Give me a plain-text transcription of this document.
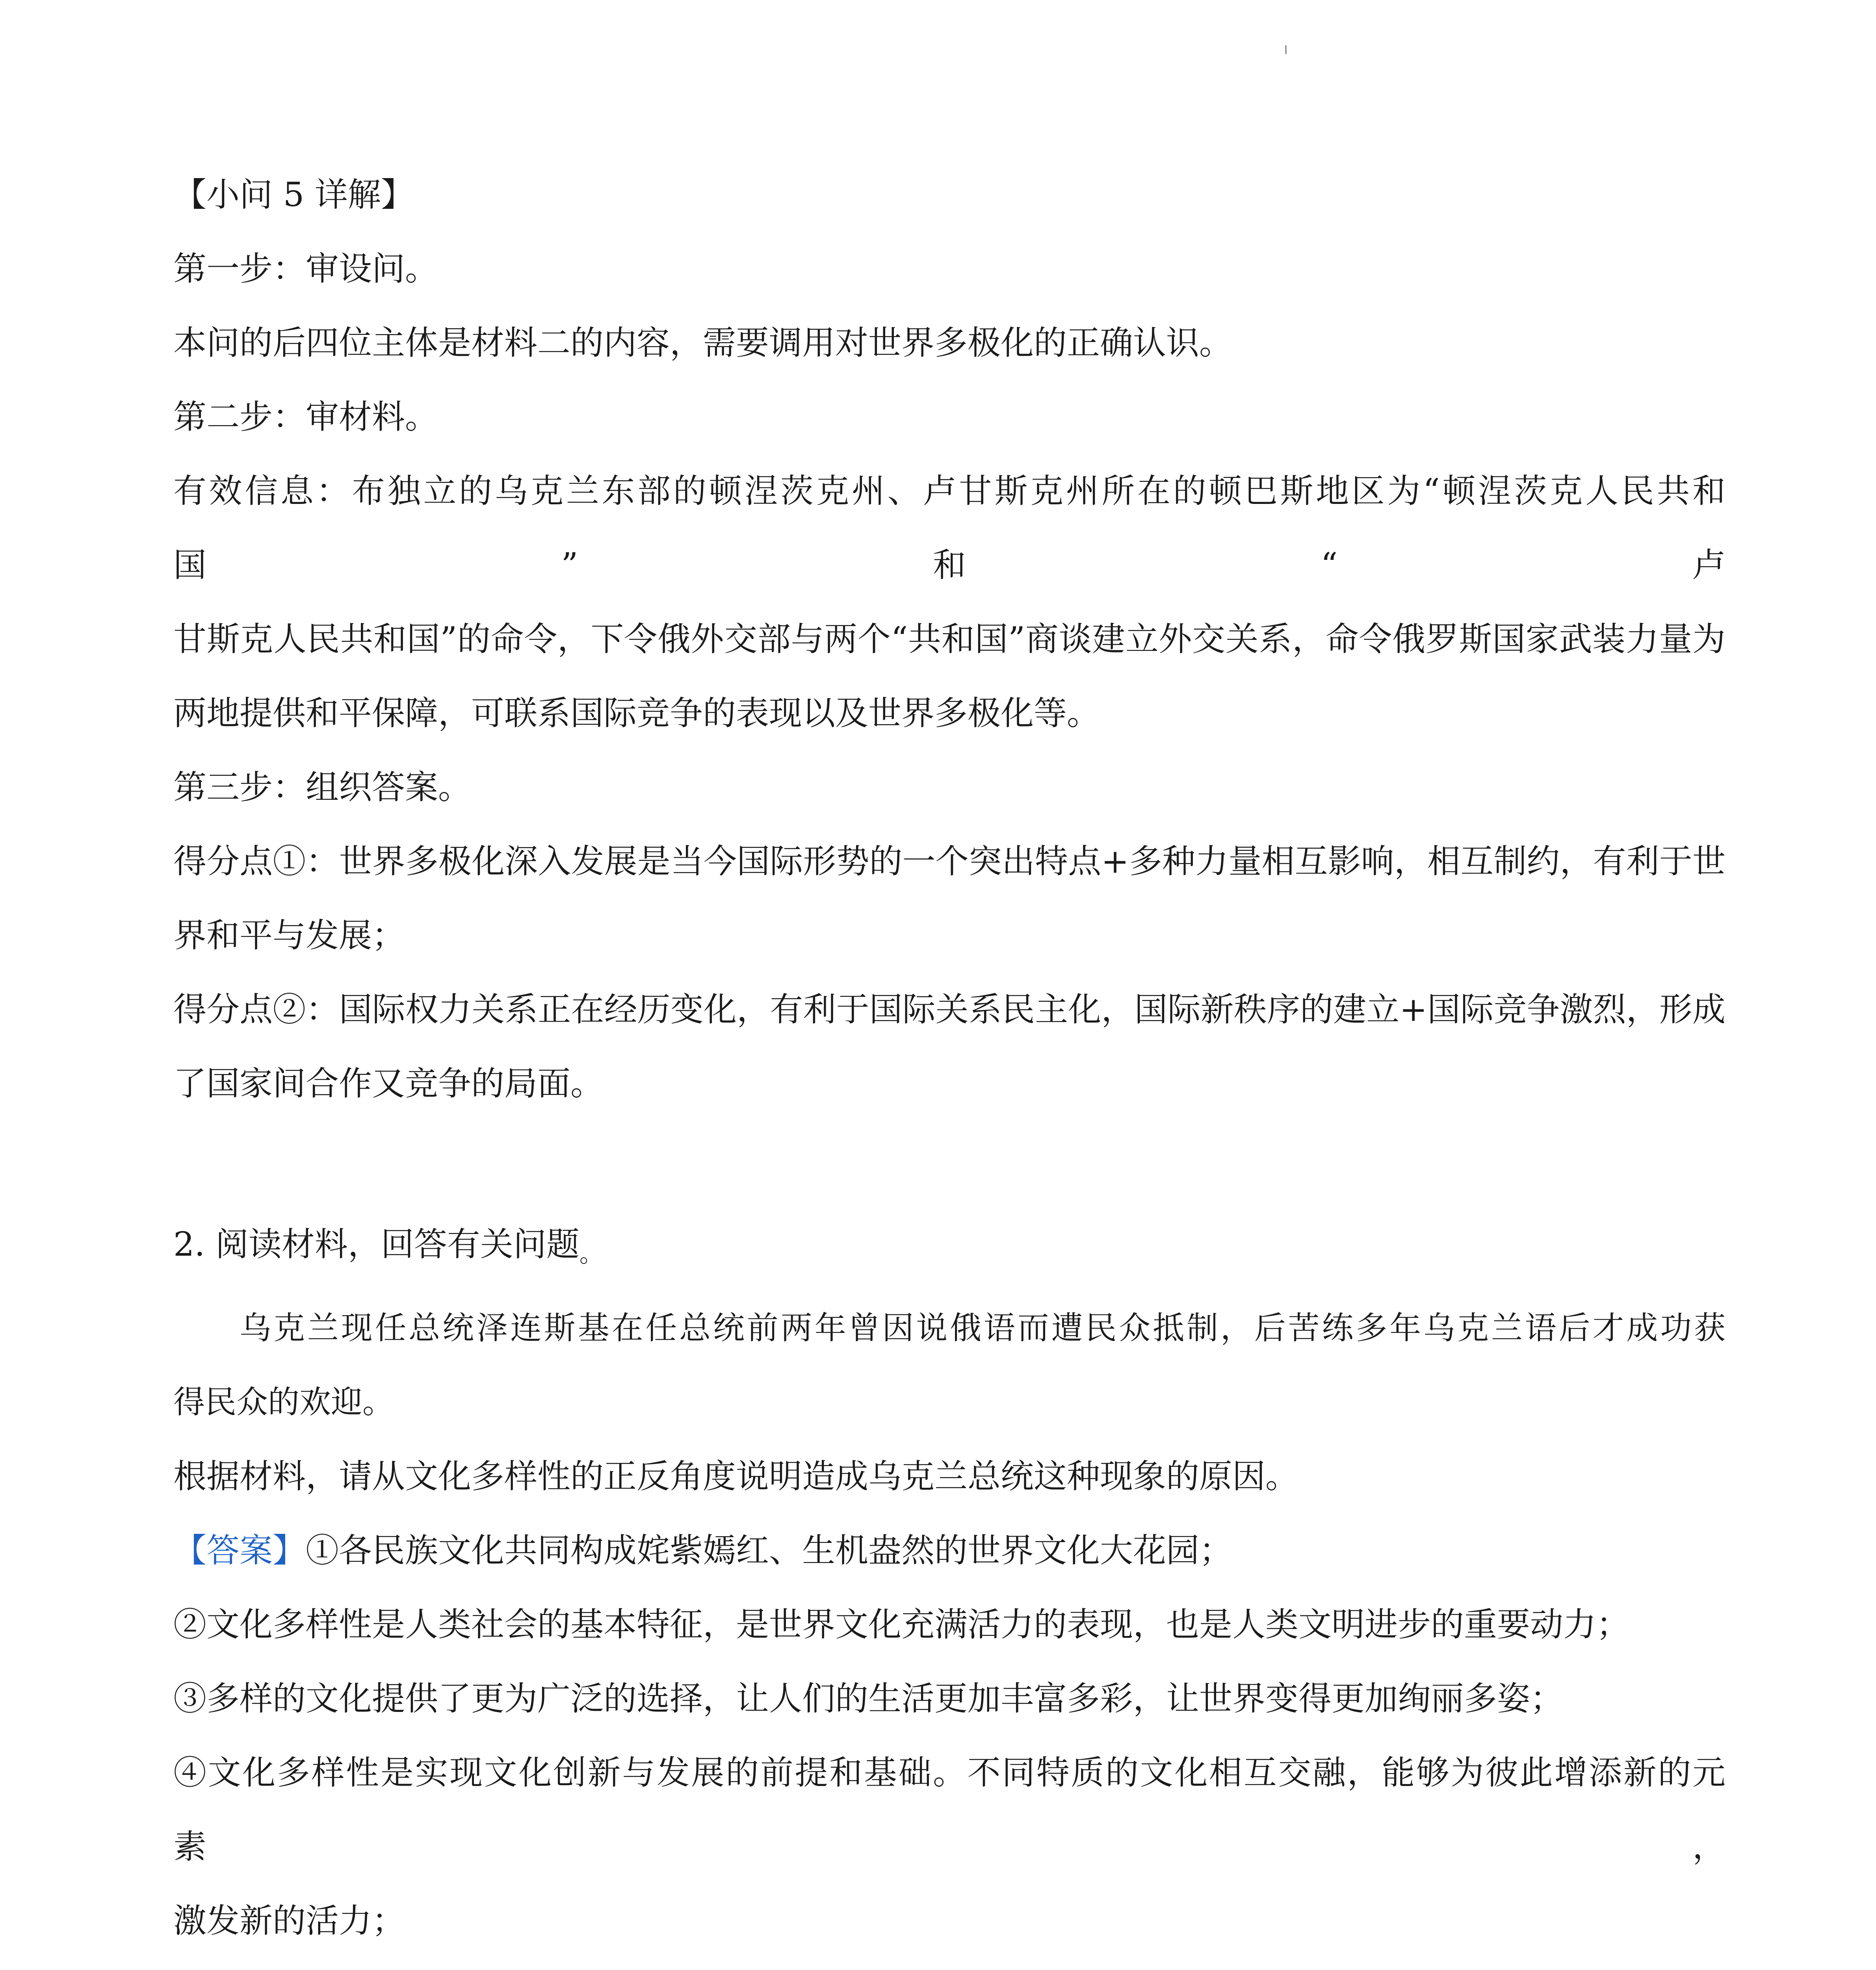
【小问 5 详解】

第一步：审设问。

本问的后四位主体是材料二的内容，需要调用对世界多极化的正确认识。

第二步：审材料。

有效信息：布独立的乌克兰东部的顿涅茨克州、卢甘斯克州所在的顿巴斯地区为“顿涅茨克人民共和国”和“卢

甘斯克人民共和国”的命令，下令俄外交部与两个“共和国”商谈建立外交关系，命令俄罗斯国家武装力量为

两地提供和平保障，可联系国际竞争的表现以及世界多极化等。

第三步：组织答案。

得分点①：世界多极化深入发展是当今国际形势的一个突出特点+多种力量相互影响，相互制约，有利于世

界和平与发展；

得分点②：国际权力关系正在经历变化，有利于国际关系民主化，国际新秩序的建立+国际竞争激烈，形成

了国家间合作又竞争的局面。

2. 阅读材料，回答有关问题。

乌克兰现任总统泽连斯基在任总统前两年曾因说俄语而遭民众抵制，后苦练多年乌克兰语后才成功获

得民众的欢迎。

根据材料，请从文化多样性的正反角度说明造成乌克兰总统这种现象的原因。

【答案】①各民族文化共同构成姹紫嫣红、生机盎然的世界文化大花园；

②文化多样性是人类社会的基本特征，是世界文化充满活力的表现，也是人类文明进步的重要动力；

③多样的文化提供了更为广泛的选择，让人们的生活更加丰富多彩，让世界变得更加绚丽多姿；

④文化多样性是实现文化创新与发展的前提和基础。不同特质的文化相互交融，能够为彼此增添新的元素，

激发新的活力；
